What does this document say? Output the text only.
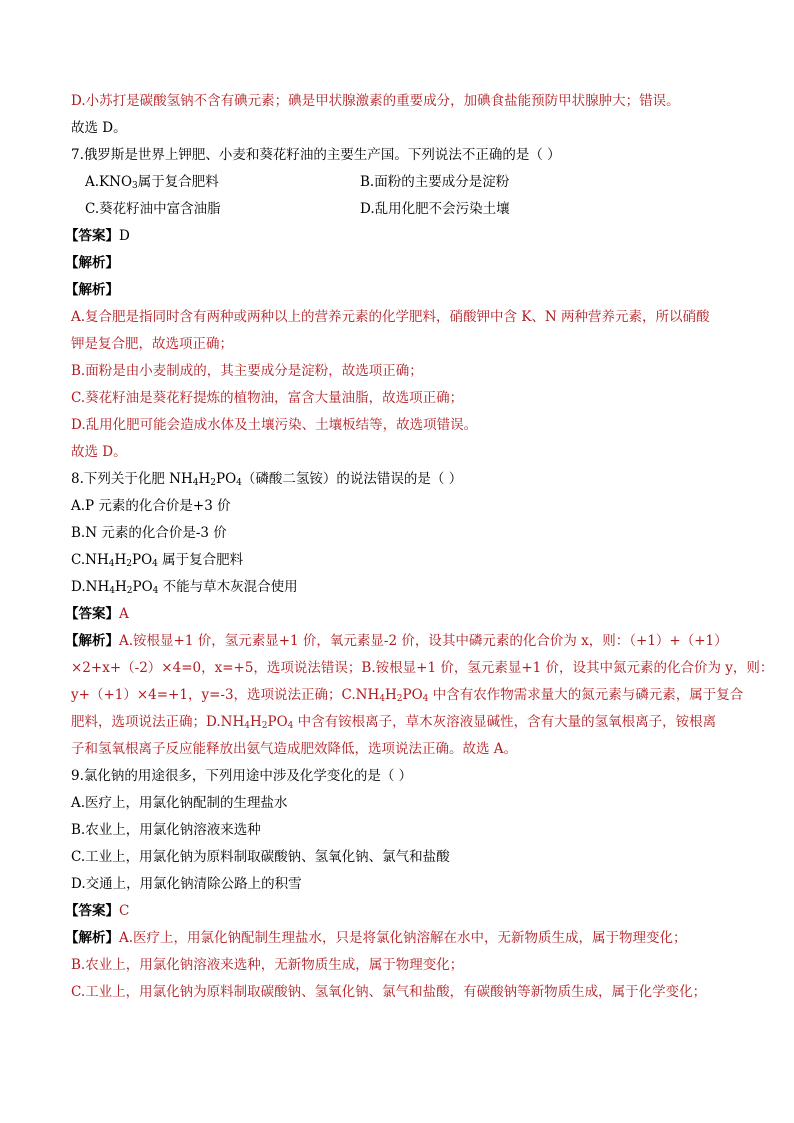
D.小苏打是碳酸氢钠不含有碘元素；碘是甲状腺激素的重要成分，加碘食盐能预防甲状腺肿大；错误。
故选 D。
7.俄罗斯是世界上钾肥、小麦和葵花籽油的主要生产国。下列说法不正确的是（ ）
$A.KNO_3$属于复合肥料	B.面粉的主要成分是淀粉
C.葵花籽油中富含油脂	D.乱用化肥不会污染土壤
【答案】D
【解析】
【解析】
A.复合肥是指同时含有两种或两种以上的营养元素的化学肥料，硝酸钾中含 K、N 两种营养元素，所以硝酸
钾是复合肥，故选项正确；
B.面粉是由小麦制成的，其主要成分是淀粉，故选项正确；
C.葵花籽油是葵花籽提炼的植物油，富含大量油脂，故选项正确；
D.乱用化肥可能会造成水体及土壤污染、土壤板结等，故选项错误。
故选 D。
8.下列关于化肥 $NH_4H_2PO_4$（磷酸二氢铵）的说法错误的是（ ）
A.P 元素的化合价是+3 价
B.N 元素的化合价是-3 价
$C.NH_4H_2PO_4$ 属于复合肥料
$D.NH_4H_2PO_4$ 不能与草木灰混合使用
【答案】A
【解析】A.铵根显+1 价，氢元素显+1 价，氧元素显-2 价，设其中磷元素的化合价为 x，则：（+1）+（+1）
×2+x+（-2）×4=0，x=+5，选项说法错误；B.铵根显+1 价，氢元素显+1 价，设其中氮元素的化合价为 y，则：
y+（+1）×4=+1，y=-3，选项说法正确；$C.NH_4H_2PO_4$ 中含有农作物需求量大的氮元素与磷元素，属于复合
肥料，选项说法正确；$D.NH_4H_2PO_4$ 中含有铵根离子，草木灰溶液显碱性，含有大量的氢氧根离子，铵根离
子和氢氧根离子反应能释放出氨气造成肥效降低，选项说法正确。故选 A。
9.氯化钠的用途很多，下列用途中涉及化学变化的是（ ）
A.医疗上，用氯化钠配制的生理盐水
B.农业上，用氯化钠溶液来选种
C.工业上，用氯化钠为原料制取碳酸钠、氢氧化钠、氯气和盐酸
D.交通上，用氯化钠清除公路上的积雪
【答案】C
【解析】A.医疗上，用氯化钠配制生理盐水，只是将氯化钠溶解在水中，无新物质生成，属于物理变化；
B.农业上，用氯化钠溶液来选种，无新物质生成，属于物理变化；
C.工业上，用氯化钠为原料制取碳酸钠、氢氧化钠、氯气和盐酸，有碳酸钠等新物质生成，属于化学变化；
